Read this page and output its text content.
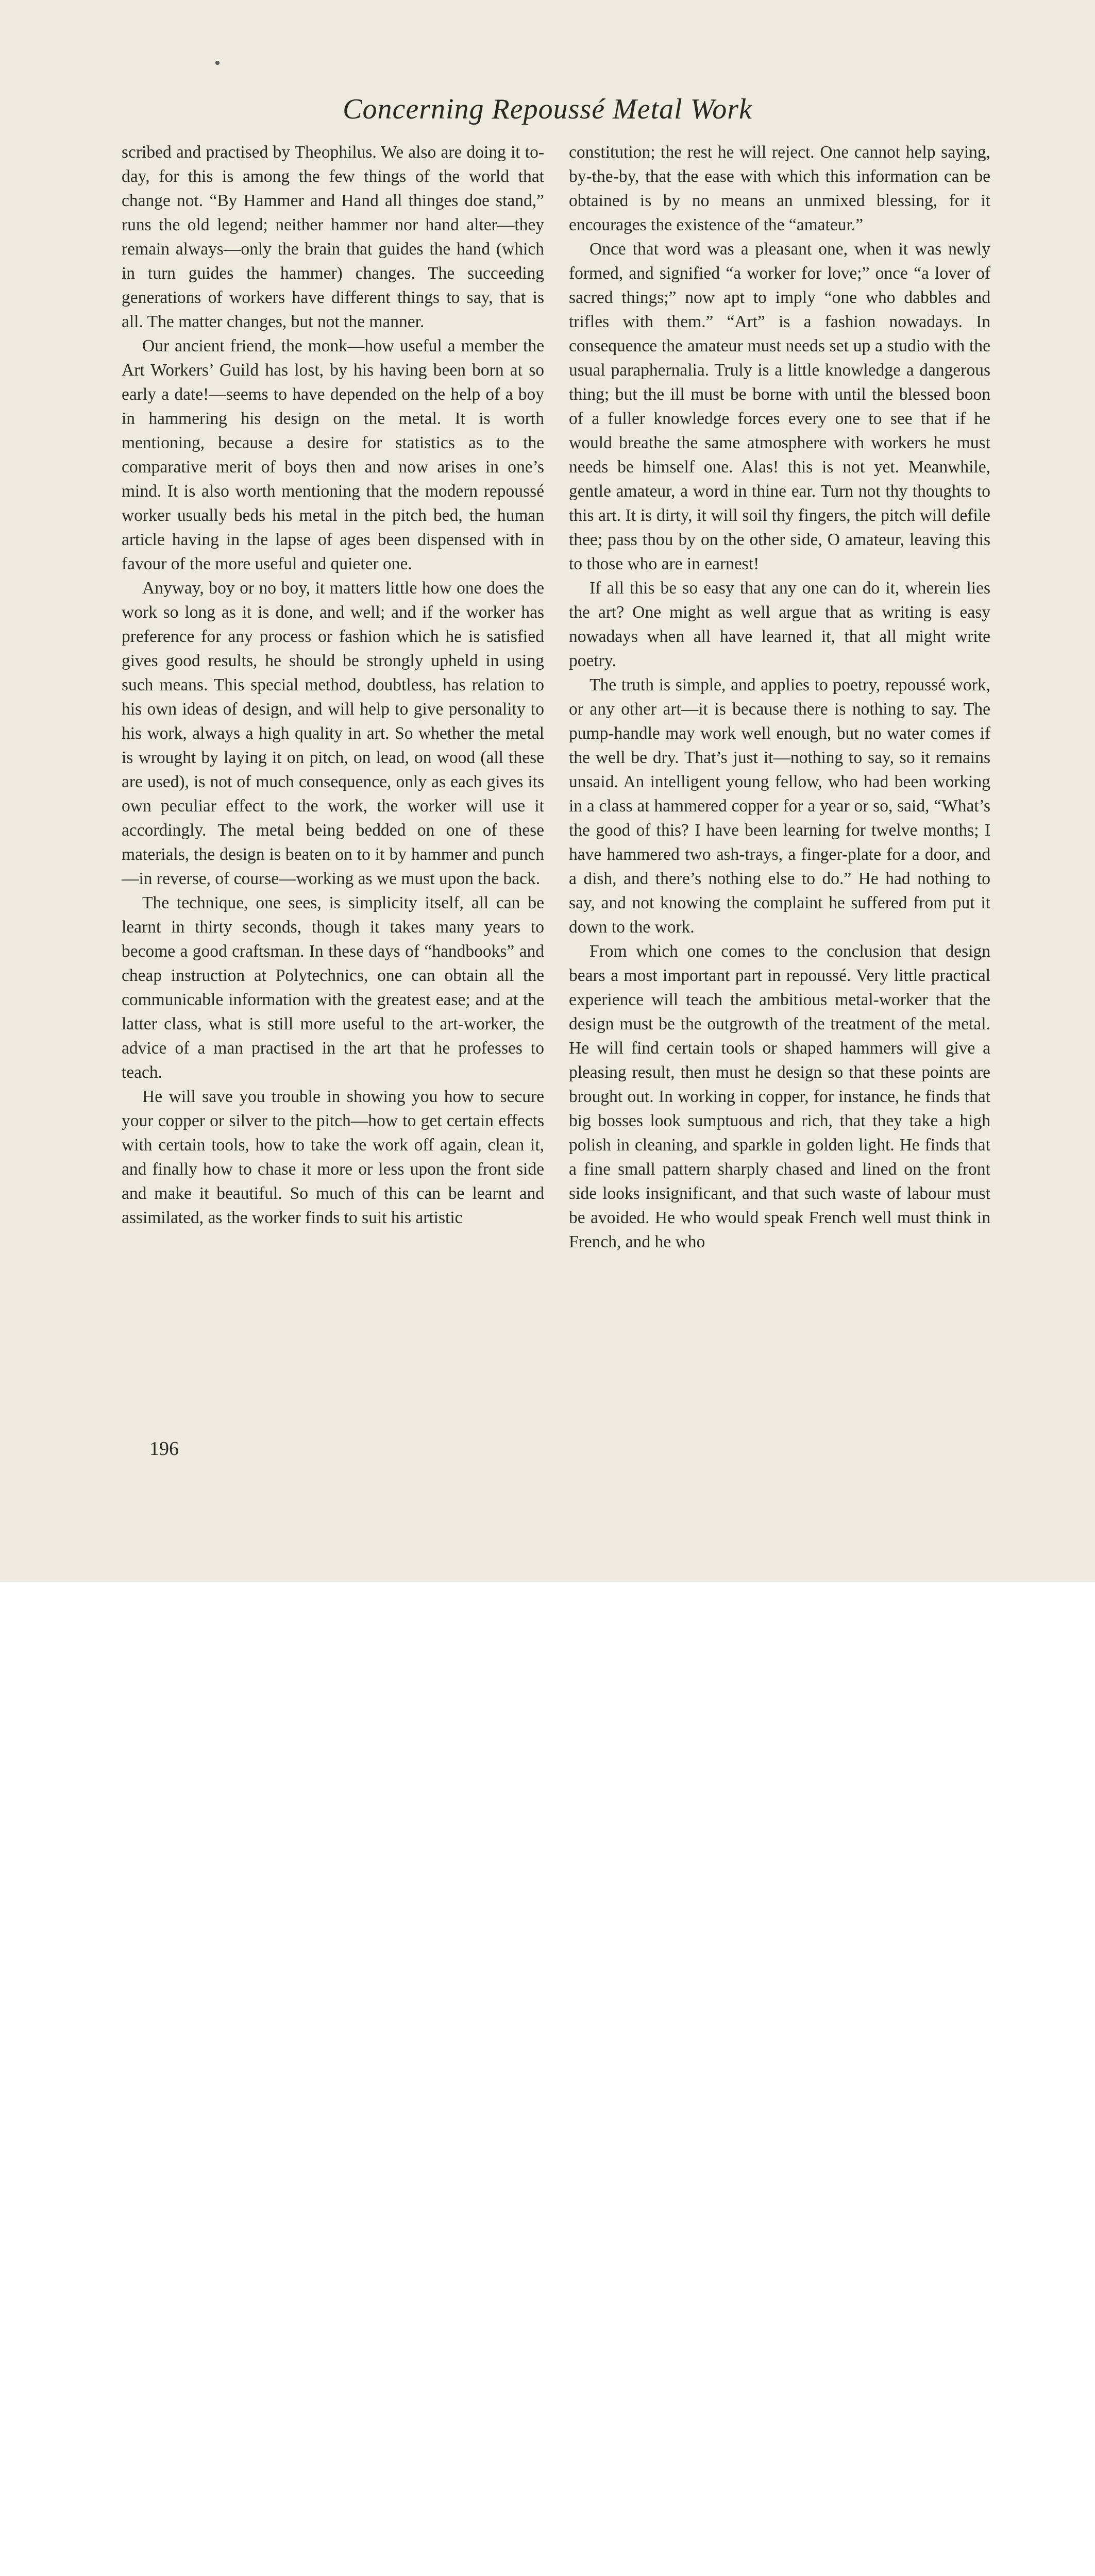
Concerning Repoussé Metal Work

scribed and practised by Theophilus. We also are doing it to-day, for this is among the few things of the world that change not. “By Hammer and Hand all thinges doe stand,” runs the old legend; neither hammer nor hand alter—they remain always—only the brain that guides the hand (which in turn guides the hammer) changes. The succeeding generations of workers have different things to say, that is all. The matter changes, but not the manner.

Our ancient friend, the monk—how useful a member the Art Workers’ Guild has lost, by his having been born at so early a date!—seems to have depended on the help of a boy in hammering his design on the metal. It is worth mentioning, because a desire for statistics as to the comparative merit of boys then and now arises in one’s mind. It is also worth mentioning that the modern repoussé worker usually beds his metal in the pitch bed, the human article having in the lapse of ages been dispensed with in favour of the more useful and quieter one.

Anyway, boy or no boy, it matters little how one does the work so long as it is done, and well; and if the worker has preference for any process or fashion which he is satisfied gives good results, he should be strongly upheld in using such means. This special method, doubtless, has relation to his own ideas of design, and will help to give personality to his work, always a high quality in art. So whether the metal is wrought by laying it on pitch, on lead, on wood (all these are used), is not of much consequence, only as each gives its own peculiar effect to the work, the worker will use it accordingly. The metal being bedded on one of these materials, the design is beaten on to it by hammer and punch —in reverse, of course—working as we must upon the back.

The technique, one sees, is simplicity itself, all can be learnt in thirty seconds, though it takes many years to become a good craftsman. In these days of “handbooks” and cheap instruction at Polytechnics, one can obtain all the communicable information with the greatest ease; and at the latter class, what is still more useful to the art-worker, the advice of a man practised in the art that he professes to teach.

He will save you trouble in showing you how to secure your copper or silver to the pitch—how to get certain effects with certain tools, how to take the work off again, clean it, and finally how to chase it more or less upon the front side and make it beautiful. So much of this can be learnt and assimilated, as the worker finds to suit his artistic

constitution; the rest he will reject. One cannot help saying, by-the-by, that the ease with which this information can be obtained is by no means an unmixed blessing, for it encourages the existence of the “amateur.”

Once that word was a pleasant one, when it was newly formed, and signified “a worker for love;” once “a lover of sacred things;” now apt to imply “one who dabbles and trifles with them.” “Art” is a fashion nowadays. In consequence the amateur must needs set up a studio with the usual paraphernalia. Truly is a little knowledge a dangerous thing; but the ill must be borne with until the blessed boon of a fuller knowledge forces every one to see that if he would breathe the same atmosphere with workers he must needs be himself one. Alas! this is not yet. Meanwhile, gentle amateur, a word in thine ear. Turn not thy thoughts to this art. It is dirty, it will soil thy fingers, the pitch will defile thee; pass thou by on the other side, O amateur, leaving this to those who are in earnest!

If all this be so easy that any one can do it, wherein lies the art? One might as well argue that as writing is easy nowadays when all have learned it, that all might write poetry.

The truth is simple, and applies to poetry, repoussé work, or any other art—it is because there is nothing to say. The pump-handle may work well enough, but no water comes if the well be dry. That’s just it—nothing to say, so it remains unsaid. An intelligent young fellow, who had been working in a class at hammered copper for a year or so, said, “What’s the good of this? I have been learning for twelve months; I have hammered two ash-trays, a finger-plate for a door, and a dish, and there’s nothing else to do.” He had nothing to say, and not knowing the complaint he suffered from put it down to the work.

From which one comes to the conclusion that design bears a most important part in repoussé. Very little practical experience will teach the ambitious metal-worker that the design must be the outgrowth of the treatment of the metal. He will find certain tools or shaped hammers will give a pleasing result, then must he design so that these points are brought out. In working in copper, for instance, he finds that big bosses look sumptuous and rich, that they take a high polish in cleaning, and sparkle in golden light. He finds that a fine small pattern sharply chased and lined on the front side looks insignificant, and that such waste of labour must be avoided. He who would speak French well must think in French, and he who

196
